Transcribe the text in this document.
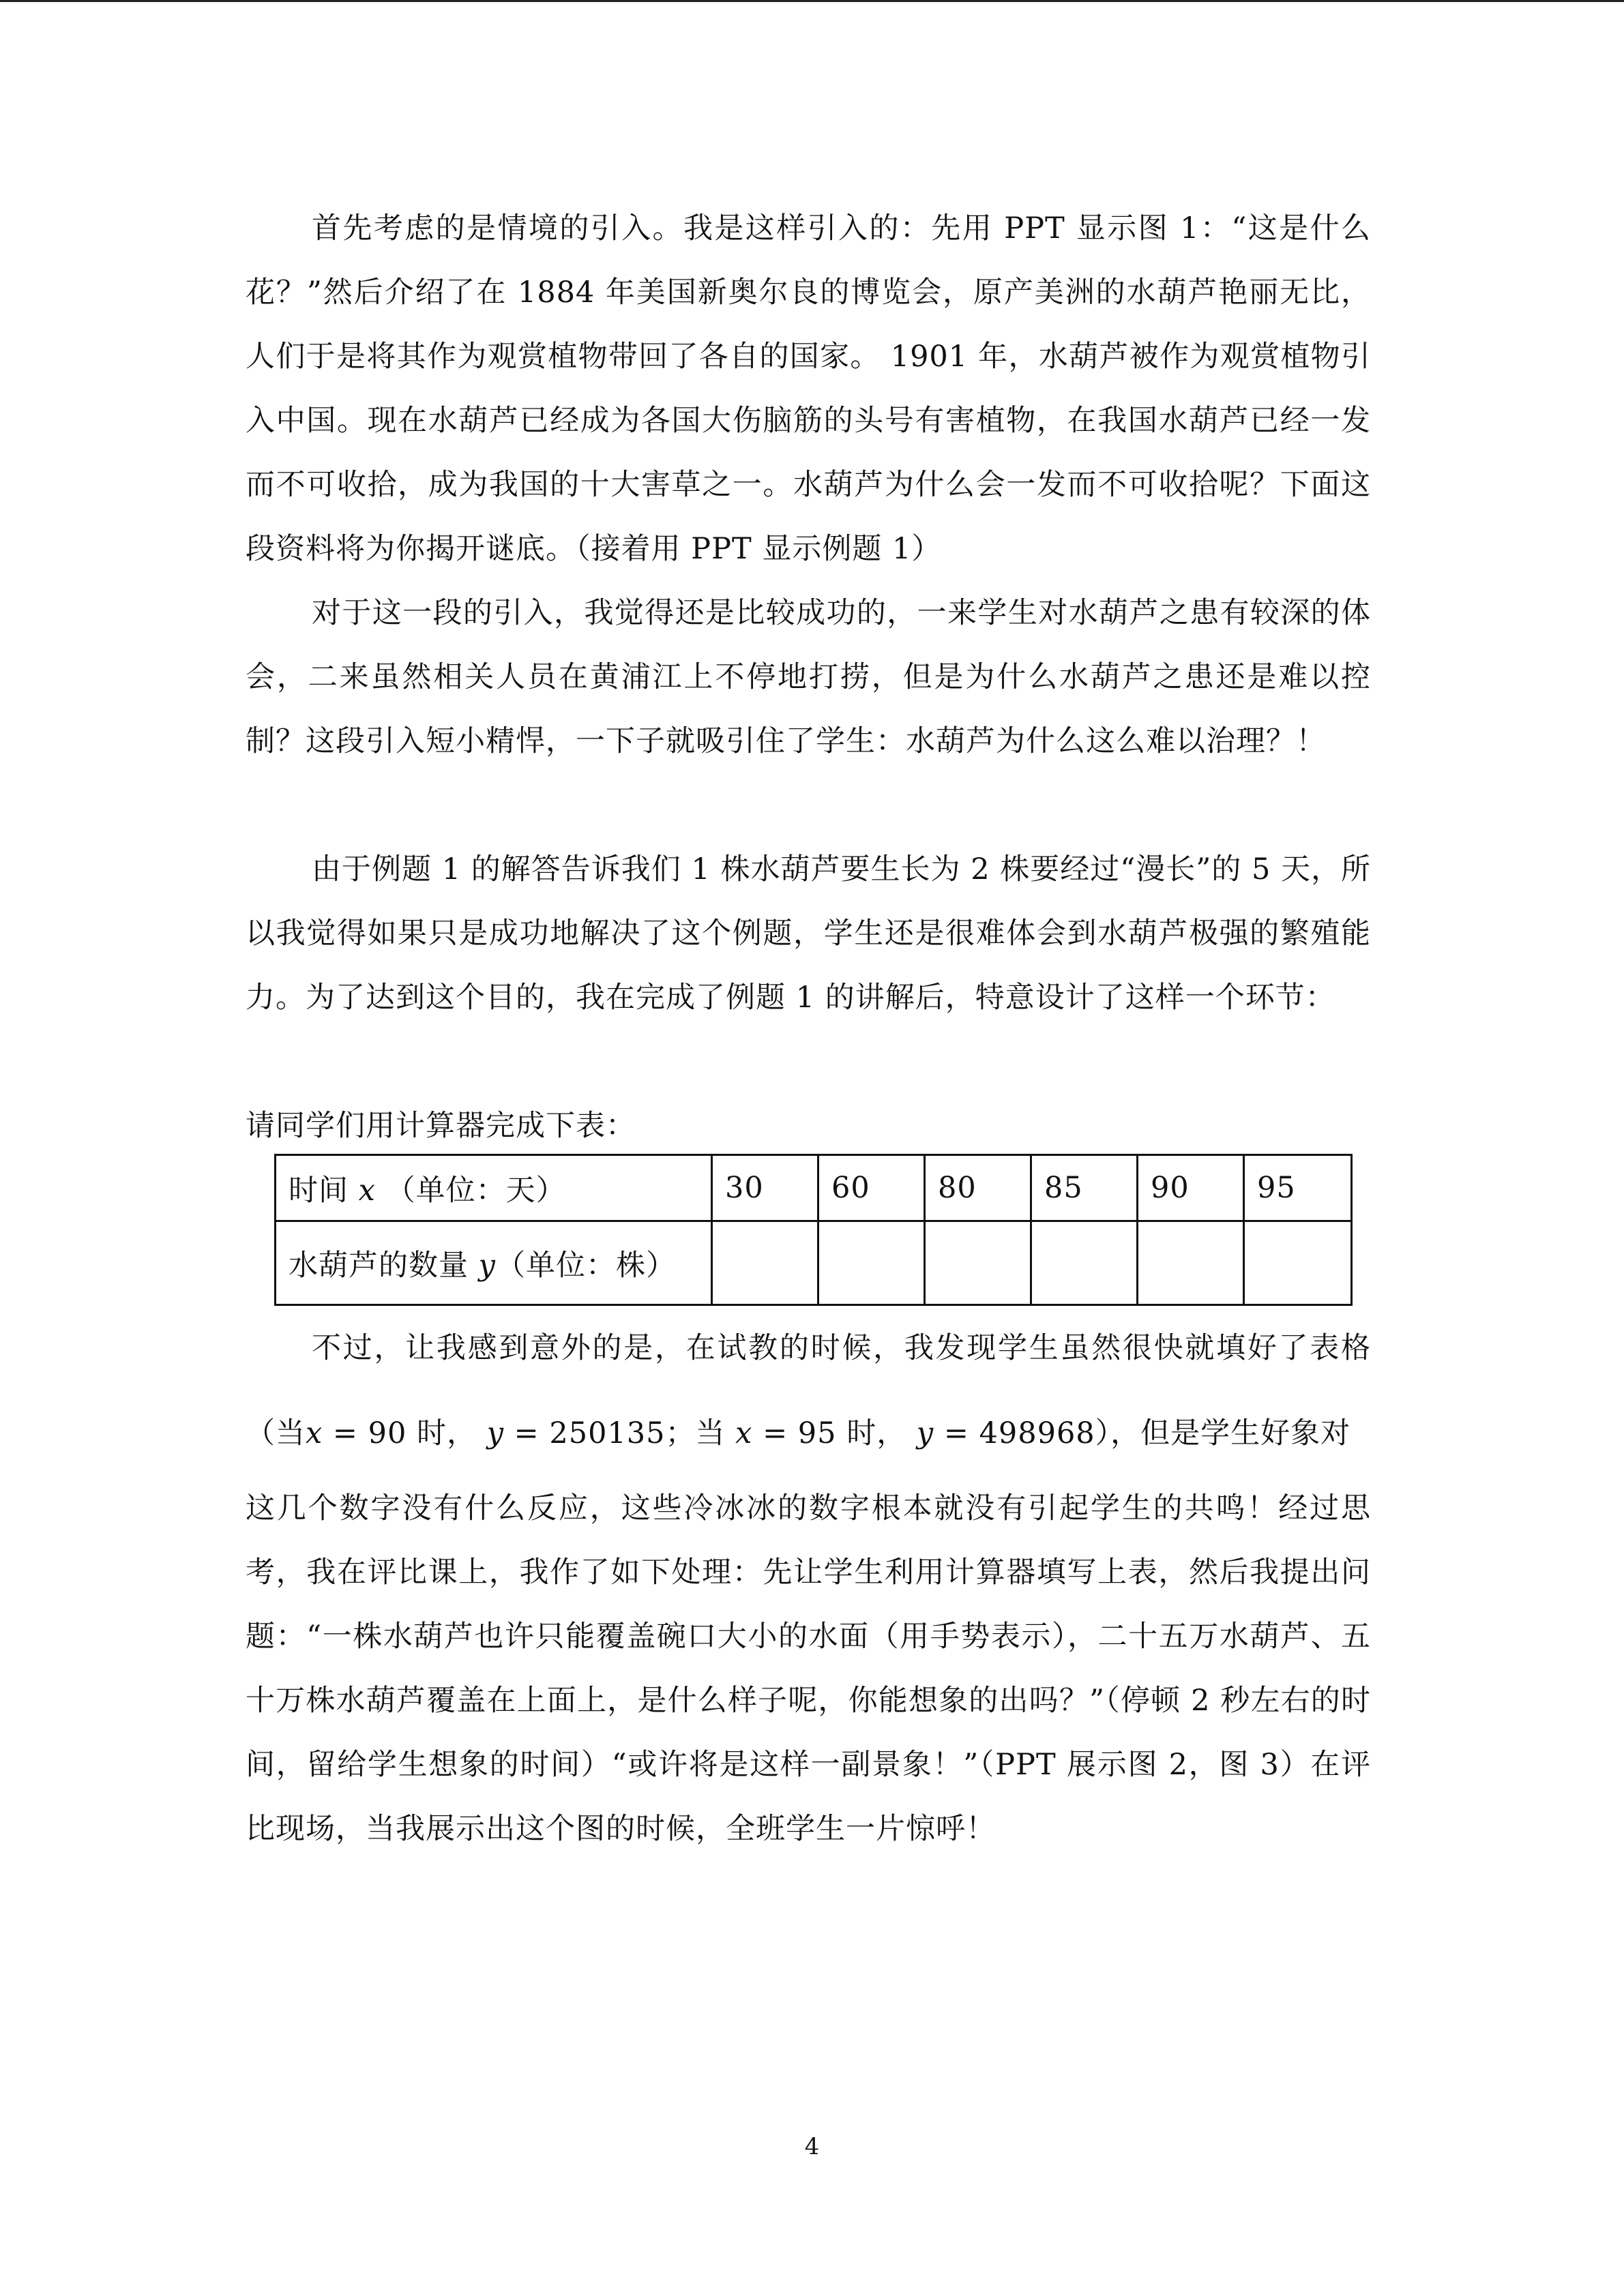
首先考虑的是情境的引入。我是这样引入的：先用 PPT 显示图 1：“这是什么花？”然后介绍了在 1884 年美国新奥尔良的博览会，原产美洲的水葫芦艳丽无比，人们于是将其作为观赏植物带回了各自的国家。 1901 年，水葫芦被作为观赏植物引入中国。现在水葫芦已经成为各国大伤脑筋的头号有害植物，在我国水葫芦已经一发而不可收拾，成为我国的十大害草之一。水葫芦为什么会一发而不可收拾呢？下面这段资料将为你揭开谜底。（接着用 PPT 显示例题 1）

对于这一段的引入，我觉得还是比较成功的，一来学生对水葫芦之患有较深的体会，二来虽然相关人员在黄浦江上不停地打捞，但是为什么水葫芦之患还是难以控制？这段引入短小精悍，一下子就吸引住了学生：水葫芦为什么这么难以治理？！

由于例题 1 的解答告诉我们 1 株水葫芦要生长为 2 株要经过“漫长”的 5 天，所以我觉得如果只是成功地解决了这个例题，学生还是很难体会到水葫芦极强的繁殖能力。为了达到这个目的，我在完成了例题 1 的讲解后，特意设计了这样一个环节：

请同学们用计算器完成下表：

时间 x （单位：天）	30	60	80	85	90	95
水葫芦的数量 y（单位：株）						

不过，让我感到意外的是，在试教的时候，我发现学生虽然很快就填好了表格（当x = 90 时， y = 250135；当 x = 95 时， y = 498968），但是学生好象对

这几个数字没有什么反应，这些冷冰冰的数字根本就没有引起学生的共鸣！经过思考，我在评比课上，我作了如下处理：先让学生利用计算器填写上表，然后我提出问题：“一株水葫芦也许只能覆盖碗口大小的水面（用手势表示），二十五万水葫芦、五十万株水葫芦覆盖在上面上，是什么样子呢，你能想象的出吗？”（停顿 2 秒左右的时间，留给学生想象的时间）“或许将是这样一副景象！”（PPT 展示图 2，图 3）在评比现场，当我展示出这个图的时候，全班学生一片惊呼！

4
